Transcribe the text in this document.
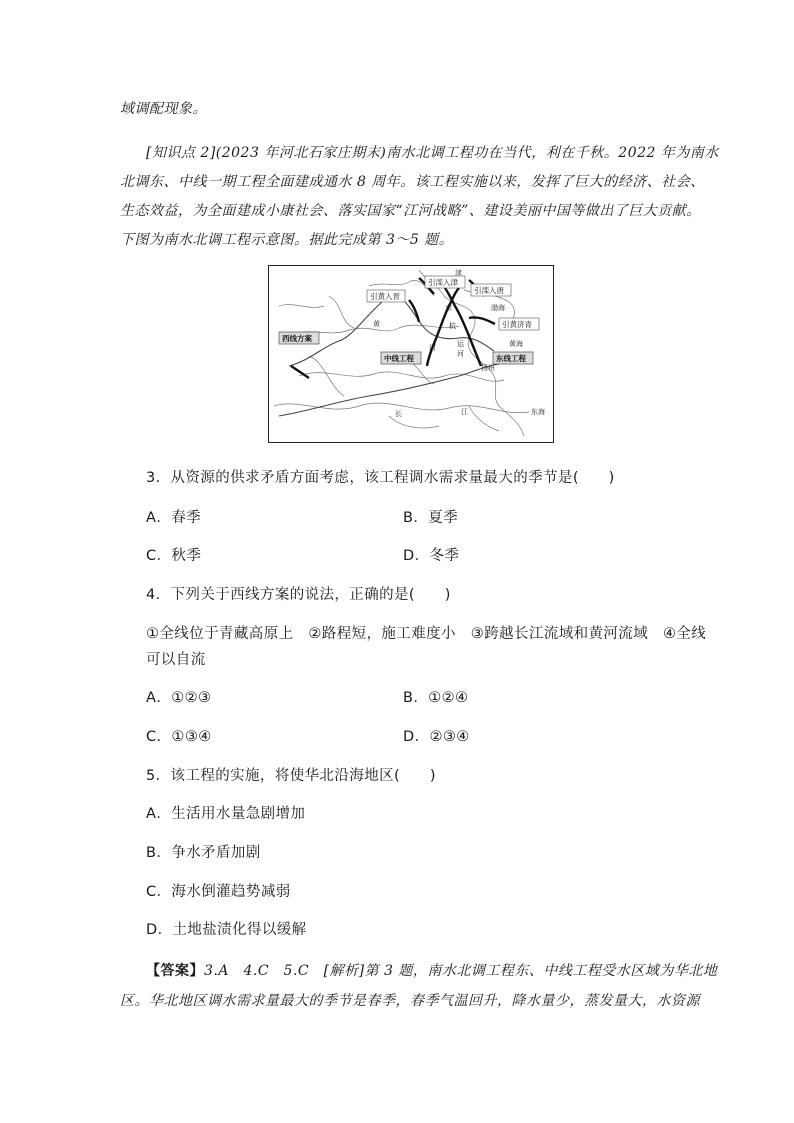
域调配现象。
[知识点 2](2023 年河北石家庄期末)南水北调工程功在当代，利在千秋。2022 年为南水
北调东、中线一期工程全面建成通水 8 周年。该工程实施以来，发挥了巨大的经济、社会、
生态效益，为全面建成小康社会、落实国家“江河战略”、建设美丽中国等做出了巨大贡献。
下图为南水北调工程示意图。据此完成第 3～5 题。
引黄入晋
引滦入津
引滦入唐
引黄济青
西线方案
中线工程	东线工程
渤海
黄海
东海
黄
长	江
运
河
京
杭
扬州
河
津
3．从资源的供求矛盾方面考虑，该工程调水需求量最大的季节是(　　)
A．春季	B．夏季
C．秋季	D．冬季
4．下列关于西线方案的说法，正确的是(　　)
①全线位于青藏高原上　②路程短，施工难度小　③跨越长江流域和黄河流域　④全线
可以自流
A．①②③	B．①②④
C．①③④	D．②③④
5．该工程的实施，将使华北沿海地区(　　)
A．生活用水量急剧增加
B．争水矛盾加剧
C．海水倒灌趋势减弱
D．土地盐渍化得以缓解
【答案】3.A　4.C　5.C　[解析]第 3 题，南水北调工程东、中线工程受水区域为华北地
区。华北地区调水需求量最大的季节是春季，春季气温回升，降水量少，蒸发量大，水资源
